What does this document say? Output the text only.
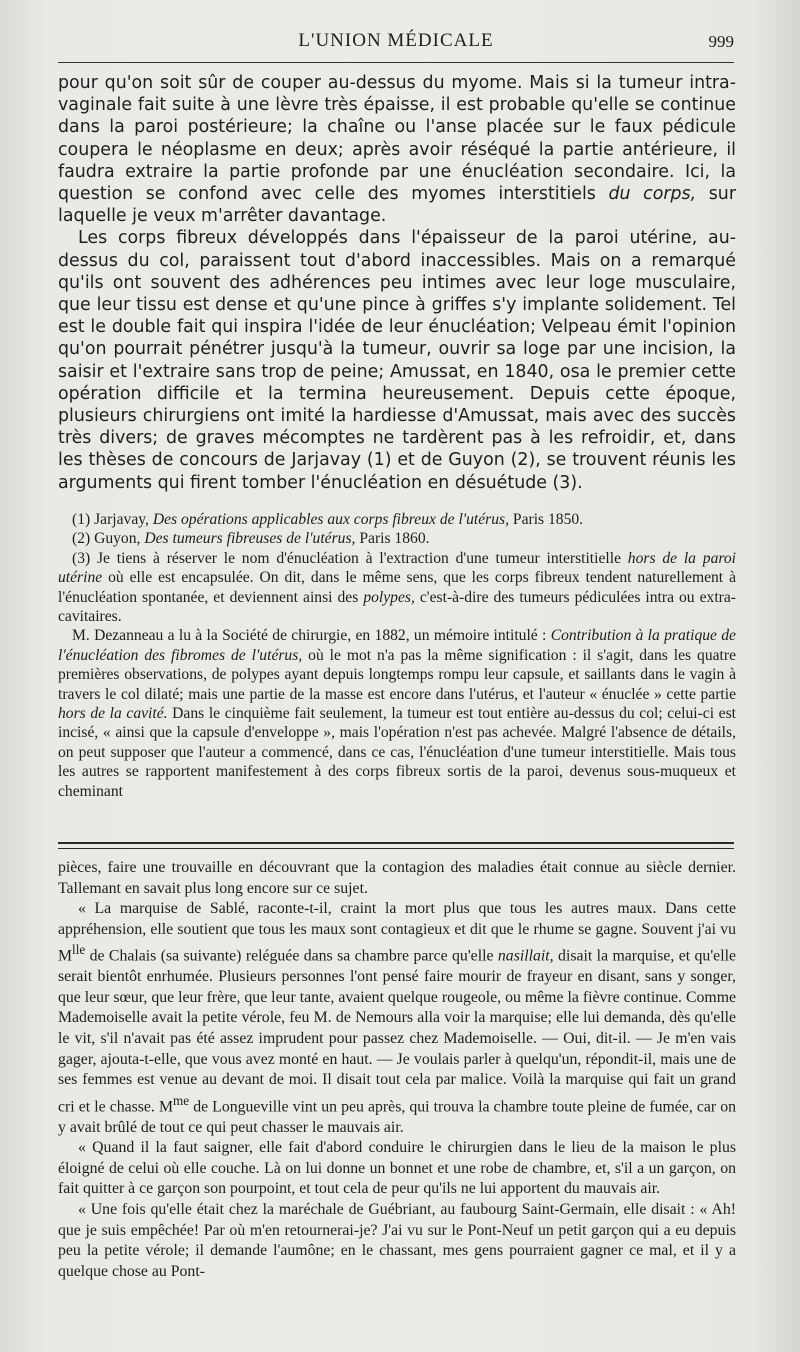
L'UNION MÉDICALE	999

pour qu'on soit sûr de couper au-dessus du myome. Mais si la tumeur intra-vaginale fait suite à une lèvre très épaisse, il est probable qu'elle se continue dans la paroi postérieure; la chaîne ou l'anse placée sur le faux pédicule coupera le néoplasme en deux; après avoir réséqué la partie antérieure, il faudra extraire la partie profonde par une énucléation secondaire. Ici, la question se confond avec celle des myomes interstitiels du corps, sur laquelle je veux m'arrêter davantage.

Les corps fibreux développés dans l'épaisseur de la paroi utérine, au-dessus du col, paraissent tout d'abord inaccessibles. Mais on a remarqué qu'ils ont souvent des adhérences peu intimes avec leur loge musculaire, que leur tissu est dense et qu'une pince à griffes s'y implante solidement. Tel est le double fait qui inspira l'idée de leur énucléation; Velpeau émit l'opinion qu'on pourrait pénétrer jusqu'à la tumeur, ouvrir sa loge par une incision, la saisir et l'extraire sans trop de peine; Amussat, en 1840, osa le premier cette opération difficile et la termina heureusement. Depuis cette époque, plusieurs chirurgiens ont imité la hardiesse d'Amussat, mais avec des succès très divers; de graves mécomptes ne tardèrent pas à les refroidir, et, dans les thèses de concours de Jarjavay (1) et de Guyon (2), se trouvent réunis les arguments qui firent tomber l'énucléation en désuétude (3).

(1) Jarjavay, Des opérations applicables aux corps fibreux de l'utérus, Paris 1850.

(2) Guyon, Des tumeurs fibreuses de l'utérus, Paris 1860.

(3) Je tiens à réserver le nom d'énucléation à l'extraction d'une tumeur interstitielle hors de la paroi utérine où elle est encapsulée. On dit, dans le même sens, que les corps fibreux tendent naturellement à l'énucléation spontanée, et deviennent ainsi des polypes, c'est-à-dire des tumeurs pédiculées intra ou extra-cavitaires.

M. Dezanneau a lu à la Société de chirurgie, en 1882, un mémoire intitulé : Contribution à la pratique de l'énucléation des fibromes de l'utérus, où le mot n'a pas la même signification : il s'agit, dans les quatre premières observations, de polypes ayant depuis longtemps rompu leur capsule, et saillants dans le vagin à travers le col dilaté; mais une partie de la masse est encore dans l'utérus, et l'auteur « énuclée » cette partie hors de la cavité. Dans le cinquième fait seulement, la tumeur est tout entière au-dessus du col; celui-ci est incisé, « ainsi que la capsule d'enveloppe », mais l'opération n'est pas achevée. Malgré l'absence de détails, on peut supposer que l'auteur a commencé, dans ce cas, l'énucléation d'une tumeur interstitielle. Mais tous les autres se rapportent manifestement à des corps fibreux sortis de la paroi, devenus sous-muqueux et cheminant

pièces, faire une trouvaille en découvrant que la contagion des maladies était connue au siècle dernier. Tallemant en savait plus long encore sur ce sujet.

« La marquise de Sablé, raconte-t-il, craint la mort plus que tous les autres maux. Dans cette appréhension, elle soutient que tous les maux sont contagieux et dit que le rhume se gagne. Souvent j'ai vu $M^{lle}$ de Chalais (sa suivante) reléguée dans sa chambre parce qu'elle nasillait, disait la marquise, et qu'elle serait bientôt enrhumée. Plusieurs personnes l'ont pensé faire mourir de frayeur en disant, sans y songer, que leur sœur, que leur frère, que leur tante, avaient quelque rougeole, ou même la fièvre continue. Comme Mademoiselle avait la petite vérole, feu M. de Nemours alla voir la marquise; elle lui demanda, dès qu'elle le vit, s'il n'avait pas été assez imprudent pour passez chez Mademoiselle. — Oui, dit-il. — Je m'en vais gager, ajouta-t-elle, que vous avez monté en haut. — Je voulais parler à quelqu'un, répondit-il, mais une de ses femmes est venue au devant de moi. Il disait tout cela par malice. Voilà la marquise qui fait un grand cri et le chasse. $M^{me}$ de Longueville vint un peu après, qui trouva la chambre toute pleine de fumée, car on y avait brûlé de tout ce qui peut chasser le mauvais air.

« Quand il la faut saigner, elle fait d'abord conduire le chirurgien dans le lieu de la maison le plus éloigné de celui où elle couche. Là on lui donne un bonnet et une robe de chambre, et, s'il a un garçon, on fait quitter à ce garçon son pourpoint, et tout cela de peur qu'ils ne lui apportent du mauvais air.

« Une fois qu'elle était chez la maréchale de Guébriant, au faubourg Saint-Germain, elle disait : « Ah! que je suis empêchée! Par où m'en retournerai-je? J'ai vu sur le Pont-Neuf un petit garçon qui a eu depuis peu la petite vérole; il demande l'aumône; en le chassant, mes gens pourraient gagner ce mal, et il y a quelque chose au Pont-
